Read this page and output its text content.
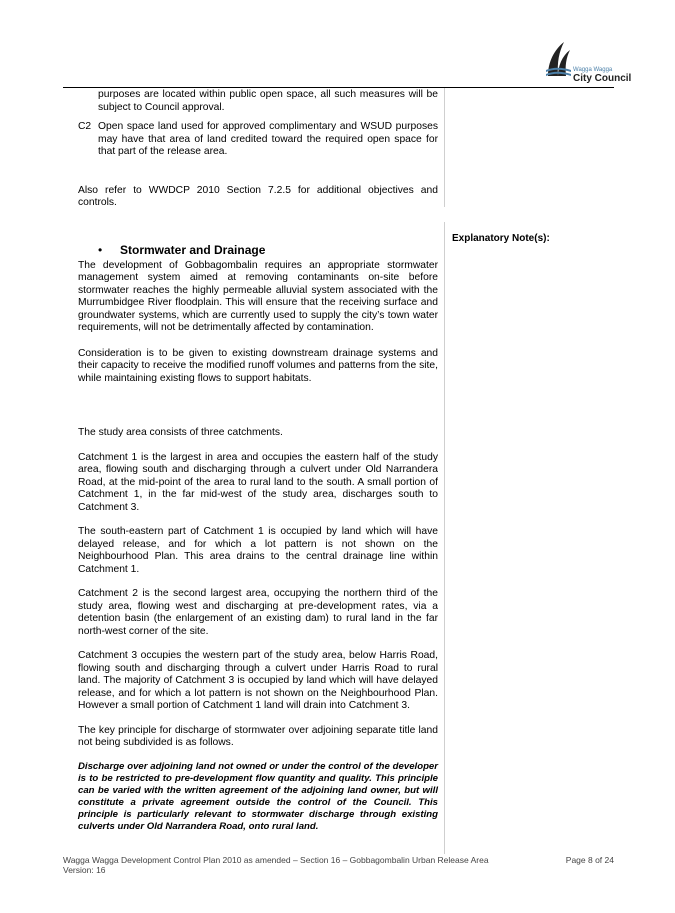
Wagga Wagga
City Council
Explanatory Note(s):
purposes are located within public open space, all such measures will be subject to Council approval.
C2 Open space land used for approved complimentary and WSUD purposes may have that area of land credited toward the required open space for that part of the release area.

Also refer to WWDCP 2010 Section 7.2.5 for additional objectives and controls.

• Stormwater and Drainage

The development of Gobbagombalin requires an appropriate stormwater management system aimed at removing contaminants on-site before stormwater reaches the highly permeable alluvial system associated with the Murrumbidgee River floodplain. This will ensure that the receiving surface and groundwater systems, which are currently used to supply the city’s town water requirements, will not be detrimentally affected by contamination.

Consideration is to be given to existing downstream drainage systems and their capacity to receive the modified runoff volumes and patterns from the site, while maintaining existing flows to support habitats.

The study area consists of three catchments.

Catchment 1 is the largest in area and occupies the eastern half of the study area, flowing south and discharging through a culvert under Old Narrandera Road, at the mid-point of the area to rural land to the south. A small portion of Catchment 1, in the far mid-west of the study area, discharges south to Catchment 3.

The south-eastern part of Catchment 1 is occupied by land which will have delayed release, and for which a lot pattern is not shown on the Neighbourhood Plan. This area drains to the central drainage line within Catchment 1.

Catchment 2 is the second largest area, occupying the northern third of the study area, flowing west and discharging at pre-development rates, via a detention basin (the enlargement of an existing dam) to rural land in the far north-west corner of the site.

Catchment 3 occupies the western part of the study area, below Harris Road, flowing south and discharging through a culvert under Harris Road to rural land. The majority of Catchment 3 is occupied by land which will have delayed release, and for which a lot pattern is not shown on the Neighbourhood Plan. However a small portion of Catchment 1 land will drain into Catchment 3.

The key principle for discharge of stormwater over adjoining separate title land not being subdivided is as follows.

Discharge over adjoining land not owned or under the control of the developer is to be restricted to pre-development flow quantity and quality. This principle can be varied with the written agreement of the adjoining land owner, but will constitute a private agreement outside the control of the Council. This principle is particularly relevant to stormwater discharge through existing culverts under Old Narrandera Road, onto rural land.

Wagga Wagga Development Control Plan 2010 as amended – Section 16 – Gobbagombalin Urban Release Area	Page 8 of 24
Version: 16
